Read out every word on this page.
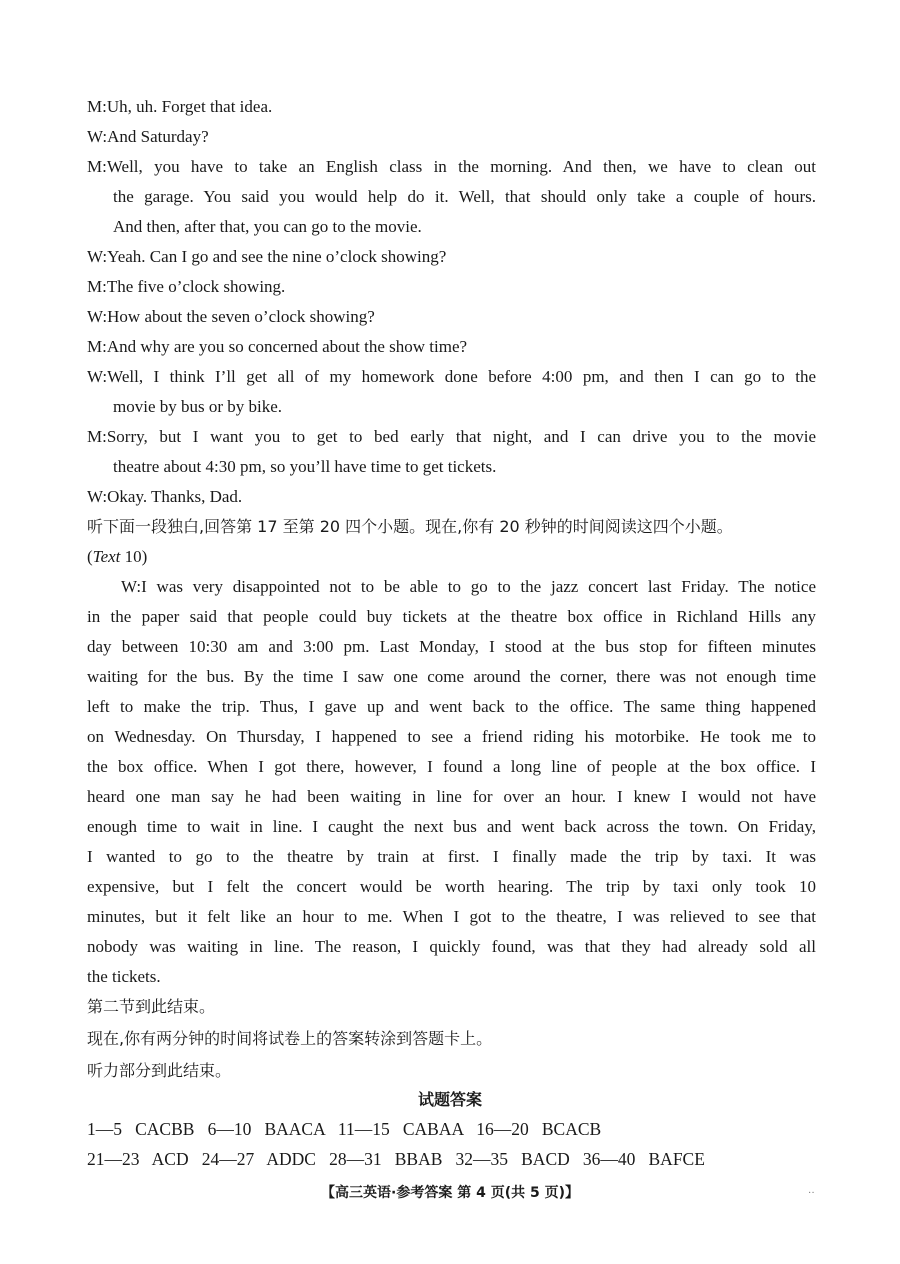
M:Uh, uh. Forget that idea.
W:And Saturday?
M:Well, you have to take an English class in the morning. And then, we have to clean out
the garage. You said you would help do it. Well, that should only take a couple of hours.
And then, after that, you can go to the movie.
W:Yeah. Can I go and see the nine o’clock showing?
M:The five o’clock showing.
W:How about the seven o’clock showing?
M:And why are you so concerned about the show time?
W:Well, I think I’ll get all of my homework done before 4:00 pm, and then I can go to the
movie by bus or by bike.
M:Sorry, but I want you to get to bed early that night, and I can drive you to the movie
theatre about 4:30 pm, so you’ll have time to get tickets.
W:Okay. Thanks, Dad.
听下面一段独白,回答第 17 至第 20 四个小题。现在,你有 20 秒钟的时间阅读这四个小题。
(Text 10)
W:I was very disappointed not to be able to go to the jazz concert last Friday. The notice
in the paper said that people could buy tickets at the theatre box office in Richland Hills any
day between 10:30 am and 3:00 pm. Last Monday, I stood at the bus stop for fifteen minutes
waiting for the bus. By the time I saw one come around the corner, there was not enough time
left to make the trip. Thus, I gave up and went back to the office. The same thing happened
on Wednesday. On Thursday, I happened to see a friend riding his motorbike. He took me to
the box office. When I got there, however, I found a long line of people at the box office. I
heard one man say he had been waiting in line for over an hour. I knew I would not have
enough time to wait in line. I caught the next bus and went back across the town. On Friday,
I wanted to go to the theatre by train at first. I finally made the trip by taxi. It was
expensive, but I felt the concert would be worth hearing. The trip by taxi only took 10
minutes, but it felt like an hour to me. When I got to the theatre, I was relieved to see that
nobody was waiting in line. The reason, I quickly found, was that they had already sold all
the tickets.
第二节到此结束。
现在,你有两分钟的时间将试卷上的答案转涂到答题卡上。
听力部分到此结束。
试题答案
1—5   CACBB   6—10   BAACA   11—15   CABAA   16—20   BCACB
21—23   ACD   24—27   ADDC   28—31   BBAB   32—35   BACD   36—40   BAFCE
【高三英语·参考答案 第 4 页(共 5 页)】	··
